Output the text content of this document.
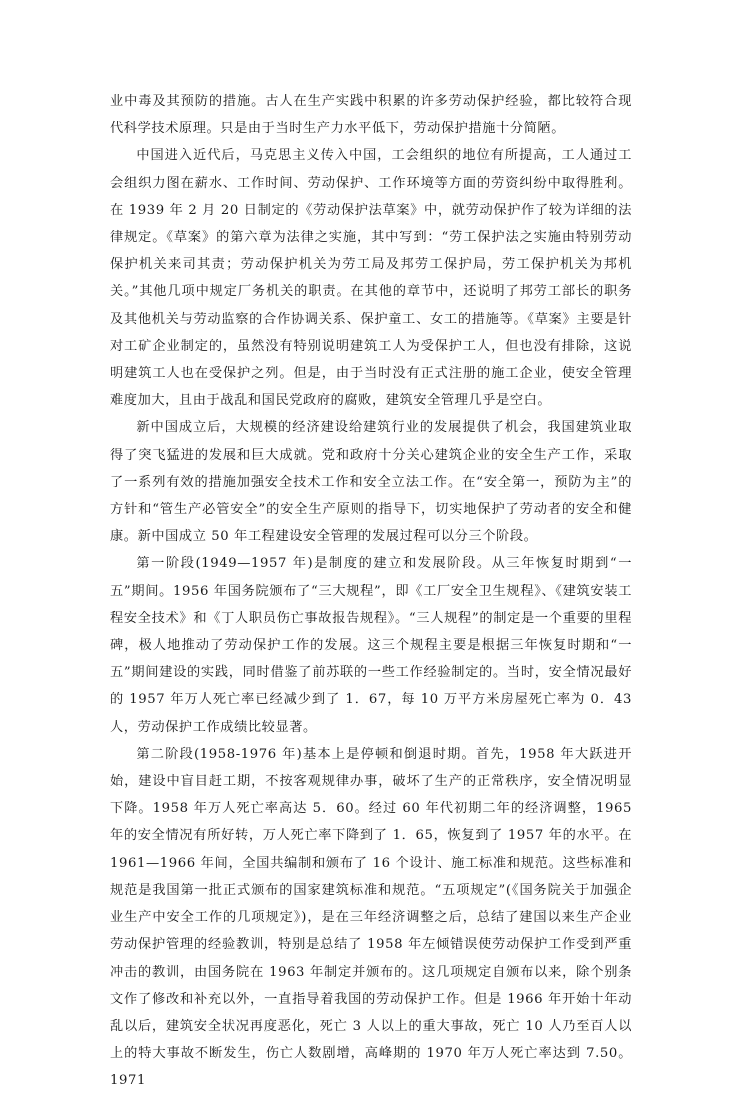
业中毒及其预防的措施。古人在生产实践中积累的许多劳动保护经验，都比较符合现代科学技术原理。只是由于当时生产力水平低下，劳动保护措施十分简陋。

中国进入近代后，马克思主义传入中国，工会组织的地位有所提高，工人通过工会组织力图在薪水、工作时间、劳动保护、工作环境等方面的劳资纠纷中取得胜利。在 1939 年 2 月 20 日制定的《劳动保护法草案》中，就劳动保护作了较为详细的法律规定。《草案》的第六章为法律之实施，其中写到：“劳工保护法之实施由特别劳动保护机关来司其责；劳动保护机关为劳工局及邦劳工保护局，劳工保护机关为邦机关。”其他几项中规定厂务机关的职责。在其他的章节中，还说明了邦劳工部长的职务及其他机关与劳动监察的合作协调关系、保护童工、女工的措施等。《草案》主要是针对工矿企业制定的，虽然没有特别说明建筑工人为受保护工人，但也没有排除，这说明建筑工人也在受保护之列。但是，由于当时没有正式注册的施工企业，使安全管理难度加大，且由于战乱和国民党政府的腐败，建筑安全管理几乎是空白。

新中国成立后，大规模的经济建设给建筑行业的发展提供了机会，我国建筑业取得了突飞猛进的发展和巨大成就。党和政府十分关心建筑企业的安全生产工作，采取了一系列有效的措施加强安全技术工作和安全立法工作。在“安全第一，预防为主”的方针和“管生产必管安全”的安全生产原则的指导下，切实地保护了劳动者的安全和健康。新中国成立 50 年工程建设安全管理的发展过程可以分三个阶段。

第一阶段(1949—1957 年)是制度的建立和发展阶段。从三年恢复时期到“一五”期间。1956 年国务院颁布了“三大规程”，即《工厂安全卫生规程》、《建筑安装工程安全技术》和《丁人职员伤亡事故报告规程》。“三人规程”的制定是一个重要的里程碑，极人地推动了劳动保护工作的发展。这三个规程主要是根据三年恢复时期和“一五”期间建设的实践，同时借鉴了前苏联的一些工作经验制定的。当时，安全情况最好的 1957 年万人死亡率已经减少到了 1．67，每 10 万平方米房屋死亡率为 0．43 人，劳动保护工作成绩比较显著。

第二阶段(1958-1976 年)基本上是停顿和倒退时期。首先，1958 年大跃进开始，建设中盲目赶工期，不按客观规律办事，破坏了生产的正常秩序，安全情况明显下降。1958 年万人死亡率高达 5．60。经过 60 年代初期二年的经济调整，1965 年的安全情况有所好转，万人死亡率下降到了 1．65，恢复到了 1957 年的水平。在 1961—1966 年间，全国共编制和颁布了 16 个设计、施工标准和规范。这些标准和规范是我国第一批正式颁布的国家建筑标准和规范。“五项规定”(《国务院关于加强企业生产中安全工作的几项规定》)，是在三年经济调整之后，总结了建国以来生产企业劳动保护管理的经验教训，特别是总结了 1958 年左倾错误使劳动保护工作受到严重冲击的教训，由国务院在 1963 年制定并颁布的。这几项规定自颁布以来，除个别条文作了修改和补充以外，一直指导着我国的劳动保护工作。但是 1966 年开始十年动乱以后，建筑安全状况再度恶化，死亡 3 人以上的重大事故，死亡 10 人乃至百人以上的特大事故不断发生，伤亡人数剧增，高峰期的 1970 年万人死亡率达到 7.50。1971
